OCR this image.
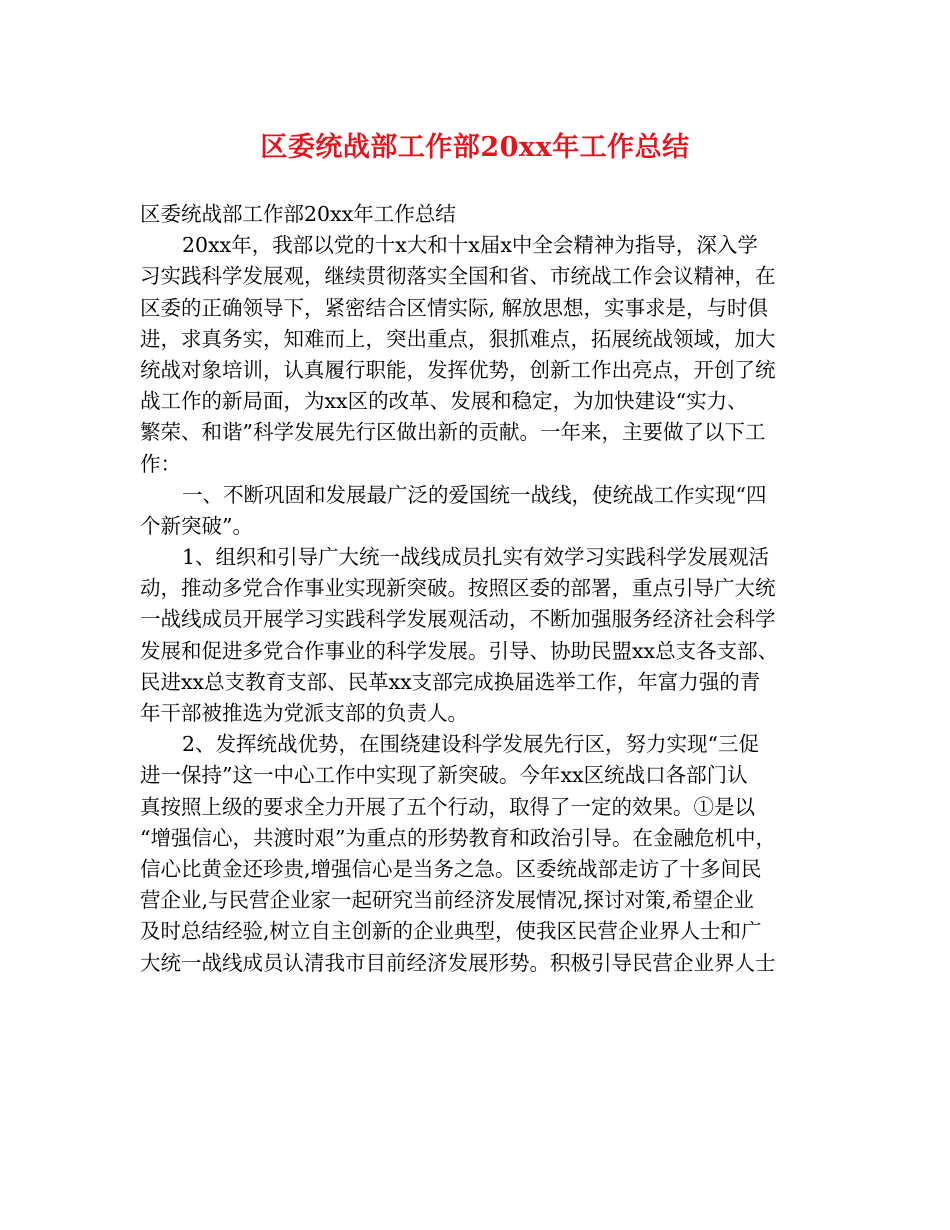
区委统战部工作部20xx年工作总结
区委统战部工作部20xx年工作总结
20xx年，我部以党的十x大和十x届x中全会精神为指导，深入学
习实践科学发展观，继续贯彻落实全国和省、市统战工作会议精神，在
区委的正确领导下，紧密结合区情实际, 解放思想，实事求是，与时俱
进，求真务实，知难而上，突出重点，狠抓难点，拓展统战领域，加大
统战对象培训，认真履行职能，发挥优势，创新工作出亮点，开创了统
战工作的新局面，为xx区的改革、发展和稳定，为加快建设“实力、
繁荣、和谐”科学发展先行区做出新的贡献。一年来，主要做了以下工
作：
一、不断巩固和发展最广泛的爱国统一战线，使统战工作实现“四
个新突破”。
1、组织和引导广大统一战线成员扎实有效学习实践科学发展观活
动，推动多党合作事业实现新突破。按照区委的部署，重点引导广大统
一战线成员开展学习实践科学发展观活动，不断加强服务经济社会科学
发展和促进多党合作事业的科学发展。引导、协助民盟xx总支各支部、
民进xx总支教育支部、民革xx支部完成换届选举工作，年富力强的青
年干部被推选为党派支部的负责人。
2、发挥统战优势，在围绕建设科学发展先行区，努力实现“三促
进一保持”这一中心工作中实现了新突破。今年xx区统战口各部门认
真按照上级的要求全力开展了五个行动，取得了一定的效果。①是以
“增强信心，共渡时艰”为重点的形势教育和政治引导。在金融危机中，
信心比黄金还珍贵,增强信心是当务之急。区委统战部走访了十多间民
营企业,与民营企业家一起研究当前经济发展情况,探讨对策,希望企业
及时总结经验,树立自主创新的企业典型，使我区民营企业界人士和广
大统一战线成员认清我市目前经济发展形势。积极引导民营企业界人士
